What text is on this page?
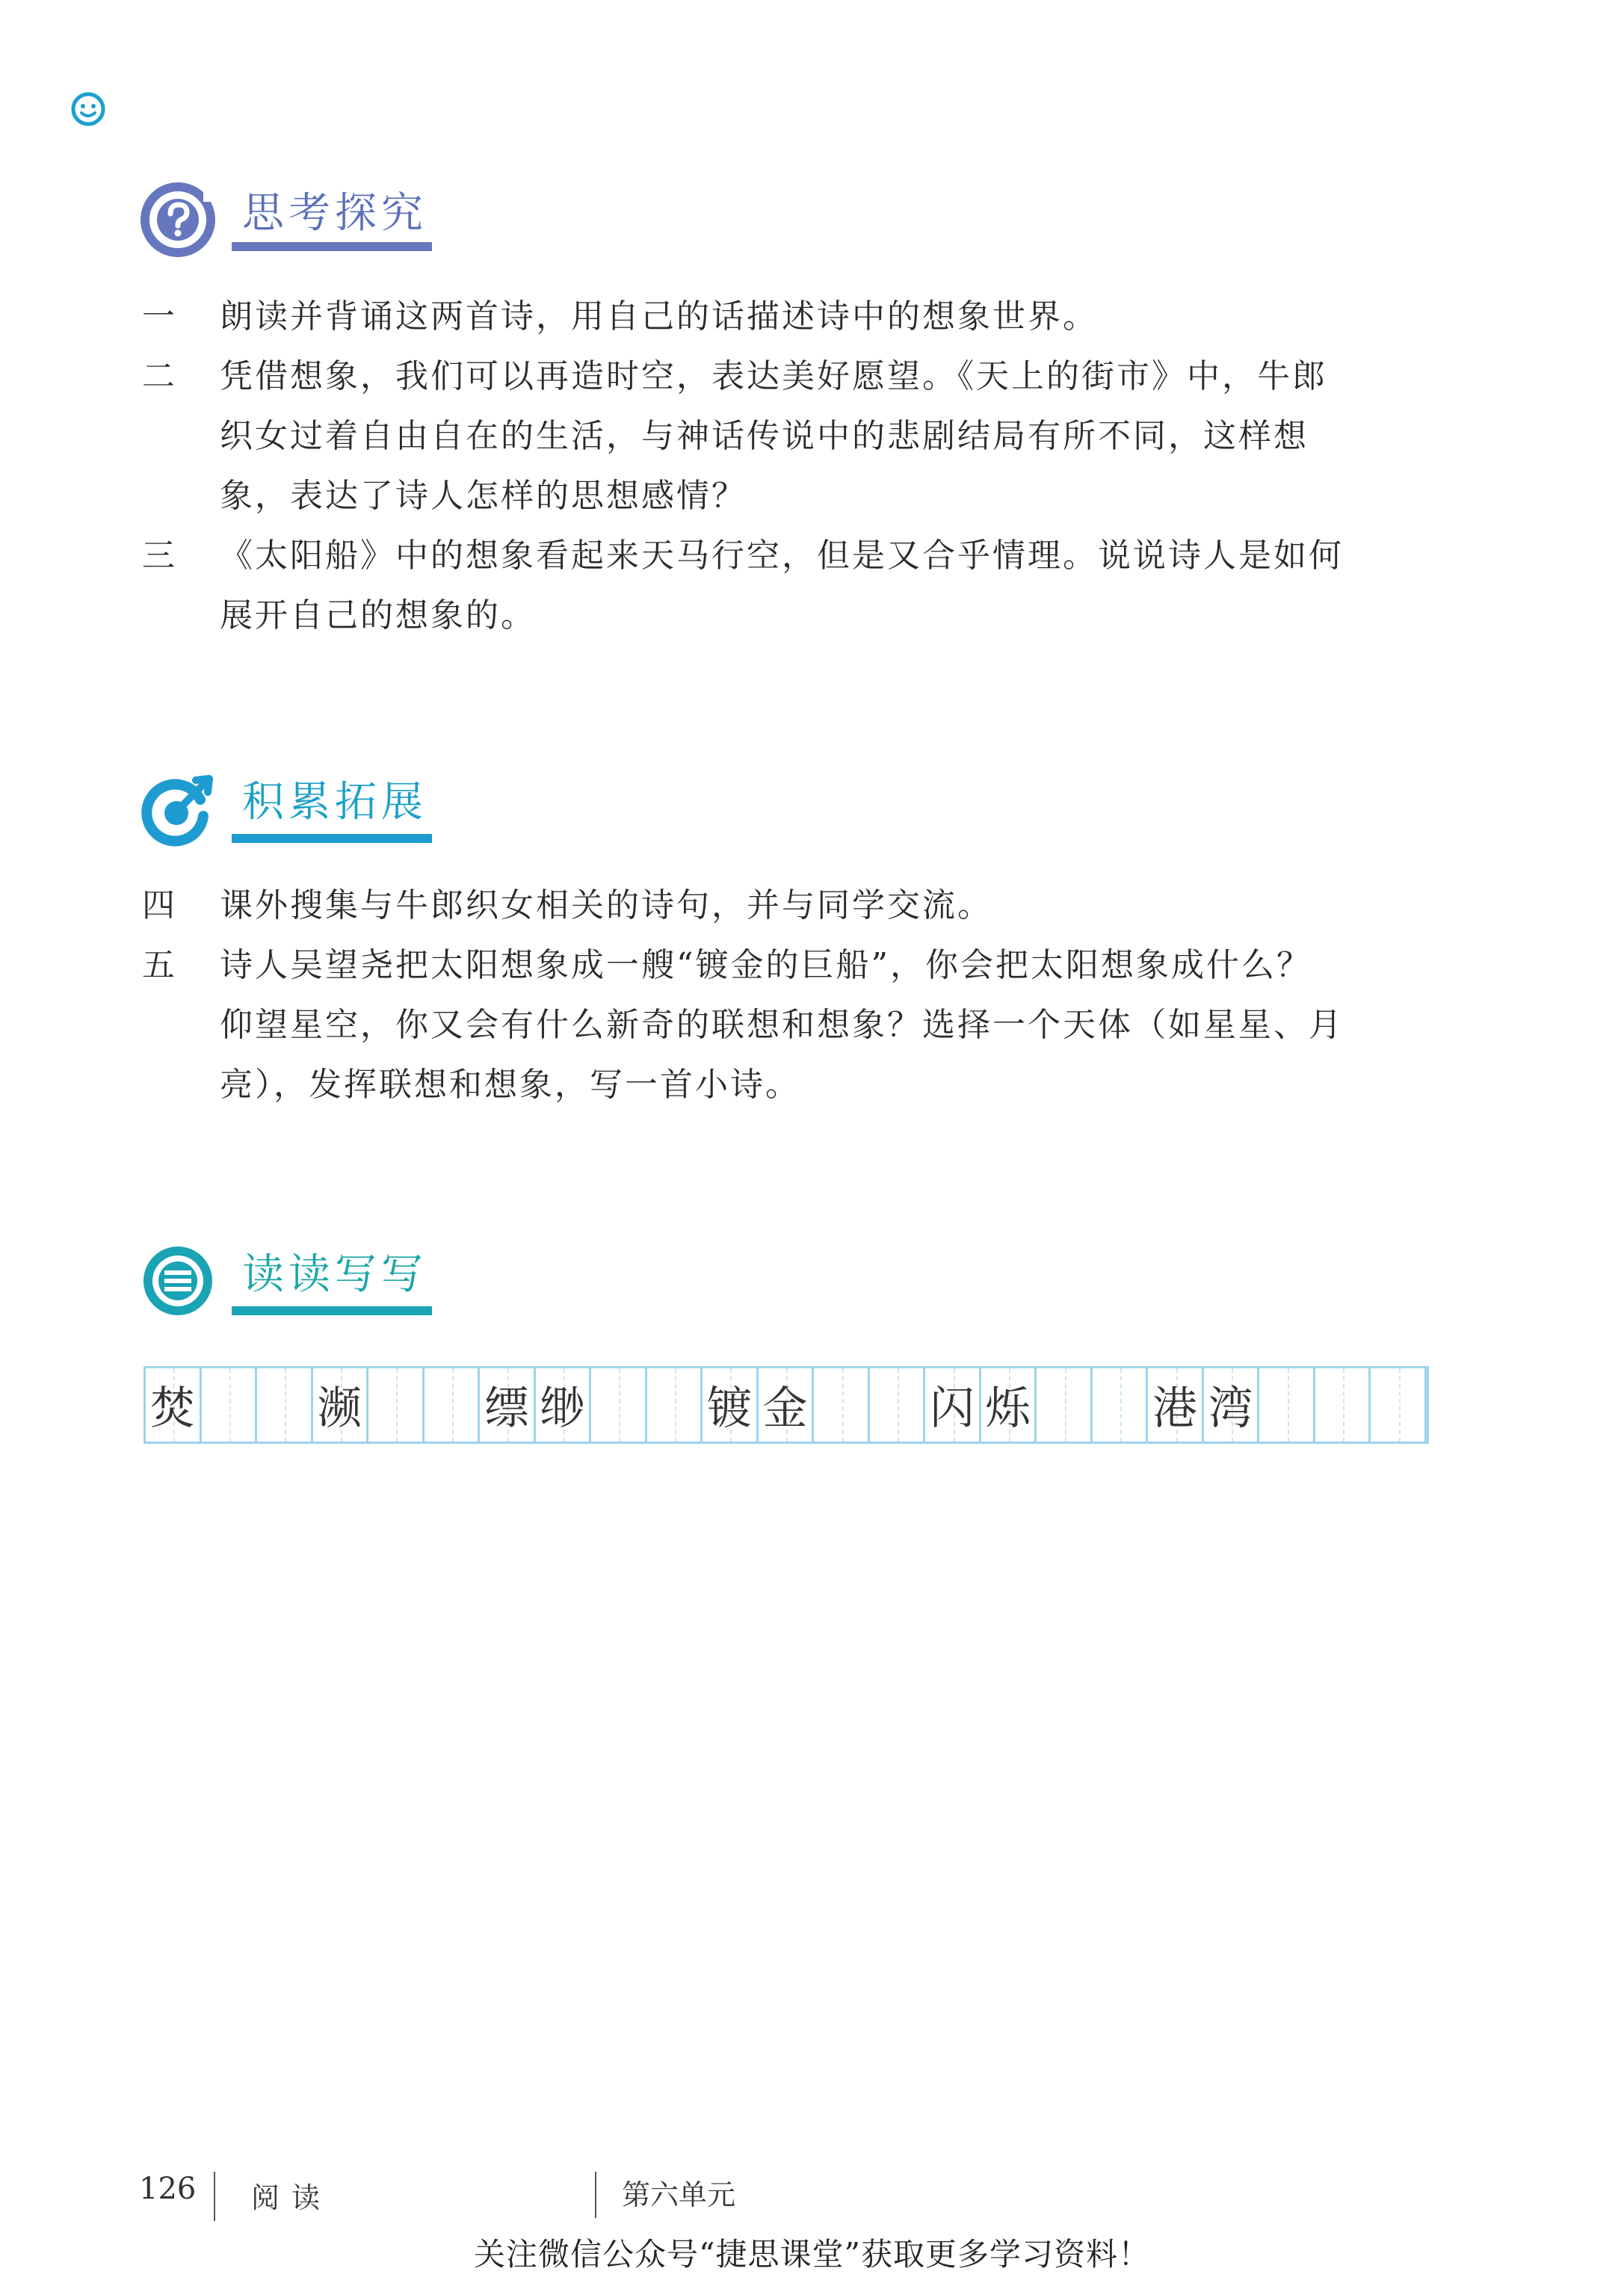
思考探究
一	朗读并背诵这两首诗，用自己的话描述诗中的想象世界。
二	凭借想象，我们可以再造时空，表达美好愿望。《天上的街市》中，牛郎
织女过着自由自在的生活，与神话传说中的悲剧结局有所不同，这样想
象，表达了诗人怎样的思想感情？
三	《太阳船》中的想象看起来天马行空，但是又合乎情理。说说诗人是如何
展开自己的想象的。
积累拓展
四	课外搜集与牛郎织女相关的诗句，并与同学交流。
五	诗人吴望尧把太阳想象成一艘“镀金的巨船”，你会把太阳想象成什么？
仰望星空，你又会有什么新奇的联想和想象？选择一个天体（如星星、月
亮），发挥联想和想象，写一首小诗。
读读写写
焚	濒	缥 缈	镀 金	闪 烁	港 湾
126 阅读	第六单元
关注微信公众号“捷思课堂”获取更多学习资料！
